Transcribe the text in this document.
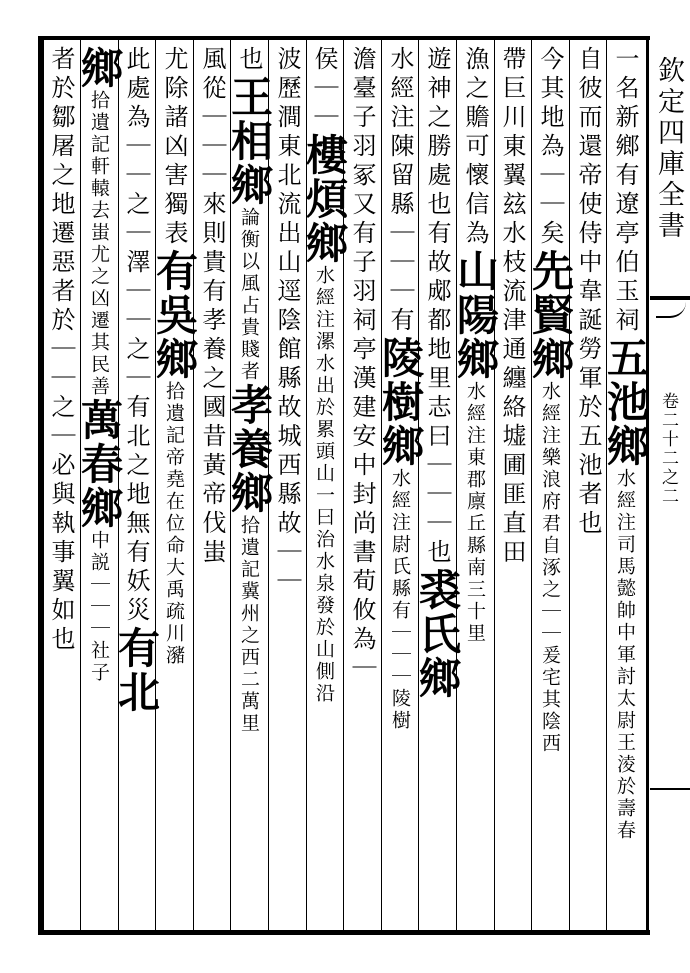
欽定四庫全書
卷二十二之二
一名新鄉有遼亭伯玉祠五池鄉水經注司馬懿帥中軍討太尉王淩於壽春
自彼而還帝使侍中韋誕勞軍於五池者也
今其地為｜｜矣先賢鄉水經注樂浪府君自涿之｜｜爰宅其陰西
帶巨川東翼玆水枝流津通纏絡墟圃匪直田
漁之贍可懷信為山陽鄉水經注東郡廪丘縣南三十里
遊神之勝處也有故郕都地里志曰｜｜｜也裘氏鄉
水經注陳留縣｜｜｜有陵樹鄉水經注尉氏縣有｜｜｜陵樹
澹臺子羽冢又有子羽祠亭漢建安中封尚書荀攸為｜
侯｜｜樓煩鄉水經注漯水出於累頭山一曰治水泉發於山側沿
波歷澗東北流出山逕陰館縣故城西縣故｜｜
也王相鄉論衡以風占貴賤者孝養鄉拾遺記冀州之西二萬里
風從｜｜｜來則貴有孝養之國昔黃帝伐蚩
尤除諸凶害獨表有吳鄉拾遺記帝堯在位命大禹疏川瀦
此處為｜｜之｜澤｜｜之｜有北之地無有妖災有北
鄉拾遺記軒轅去蚩尤之凶遷其民善萬春鄉中説｜｜｜社子
者於鄒屠之地遷惡者於｜｜之｜必與執事翼如也
